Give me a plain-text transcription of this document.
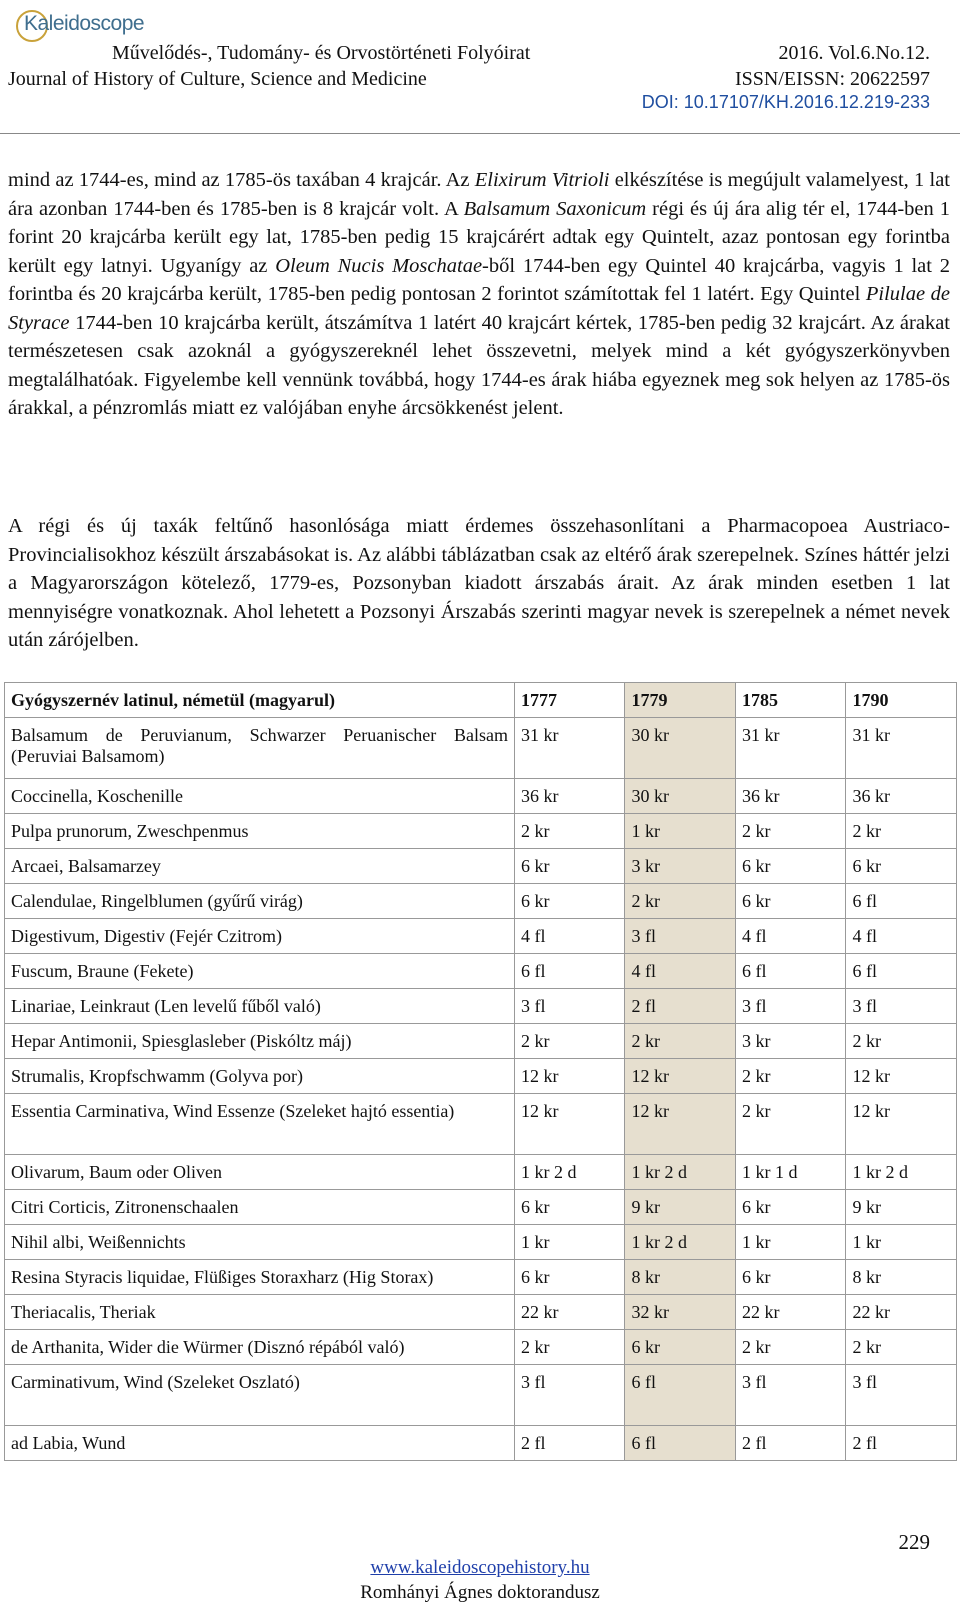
Kaleidoscope
Művelődés-, Tudomány- és Orvostörténeti Folyóirat
Journal of History of Culture, Science and Medicine
2016. Vol.6.No.12.
ISSN/EISSN: 20622597
DOI: 10.17107/KH.2016.12.219-233
mind az 1744-es, mind az 1785-ös taxában 4 krajcár. Az Elixirum Vitrioli elkészítése is megújult valamelyest, 1 lat ára azonban 1744-ben és 1785-ben is 8 krajcár volt. A Balsamum Saxonicum régi és új ára alig tér el, 1744-ben 1 forint 20 krajcárba került egy lat, 1785-ben pedig 15 krajcárért adtak egy Quintelt, azaz pontosan egy forintba került egy latnyi. Ugyanígy az Oleum Nucis Moschatae-ből 1744-ben egy Quintel 40 krajcárba, vagyis 1 lat 2 forintba és 20 krajcárba került, 1785-ben pedig pontosan 2 forintot számítottak fel 1 latért. Egy Quintel Pilulae de Styrace 1744-ben 10 krajcárba került, átszámítva 1 latért 40 krajcárt kértek, 1785-ben pedig 32 krajcárt. Az árakat természetesen csak azoknál a gyógyszereknél lehet összevetni, melyek mind a két gyógyszerkönyvben megtalálhatóak. Figyelembe kell vennünk továbbá, hogy 1744-es árak hiába egyeznek meg sok helyen az 1785-ös árakkal, a pénzromlás miatt ez valójában enyhe árcsökkenést jelent.
A régi és új taxák feltűnő hasonlósága miatt érdemes összehasonlítani a Pharmacopoea Austriaco-Provincialisokhoz készült árszabásokat is. Az alábbi táblázatban csak az eltérő árak szerepelnek. Színes háttér jelzi a Magyarországon kötelező, 1779-es, Pozsonyban kiadott árszabás árait. Az árak minden esetben 1 lat mennyiségre vonatkoznak. Ahol lehetett a Pozsonyi Árszabás szerinti magyar nevek is szerepelnek a német nevek után zárójelben.
Gyógyszernév latinul, németül (magyarul)	1777	1779	1785	1790
Balsamum de Peruvianum, Schwarzer Peruanischer Balsam (Peruviai Balsamom)	31 kr	30 kr	31 kr	31 kr
Coccinella, Koschenille	36 kr	30 kr	36 kr	36 kr
Pulpa prunorum, Zweschpenmus	2 kr	1 kr	2 kr	2 kr
Arcaei, Balsamarzey	6 kr	3 kr	6 kr	6 kr
Calendulae, Ringelblumen (gyűrű virág)	6 kr	2 kr	6 kr	6 fl
Digestivum, Digestiv (Fejér Czitrom)	4 fl	3 fl	4 fl	4 fl
Fuscum, Braune (Fekete)	6 fl	4 fl	6 fl	6 fl
Linariae, Leinkraut (Len levelű fűből való)	3 fl	2 fl	3 fl	3 fl
Hepar Antimonii, Spiesglasleber (Piskóltz máj)	2 kr	2 kr	3 kr	2 kr
Strumalis, Kropfschwamm (Golyva por)	12 kr	12 kr	2 kr	12 kr
Essentia Carminativa, Wind Essenze (Szeleket hajtó essentia)	12 kr	12 kr	2 kr	12 kr
Olivarum, Baum oder Oliven	1 kr 2 d	1 kr 2 d	1 kr 1 d	1 kr 2 d
Citri Corticis, Zitronenschaalen	6 kr	9 kr	6 kr	9 kr
Nihil albi, Weißennichts	1 kr	1 kr 2 d	1 kr	1 kr
Resina Styracis liquidae, Flüßiges Storaxharz (Hig Storax)	6 kr	8 kr	6 kr	8 kr
Theriacalis, Theriak	22 kr	32 kr	22 kr	22 kr
de Arthanita, Wider die Würmer (Disznó répából való)	2 kr	6 kr	2 kr	2 kr
Carminativum, Wind (Szeleket Oszlató)	3 fl	6 fl	3 fl	3 fl
ad Labia, Wund	2 fl	6 fl	2 fl	2 fl
229
www.kaleidoscopehistory.hu
Romhányi Ágnes doktorandusz
